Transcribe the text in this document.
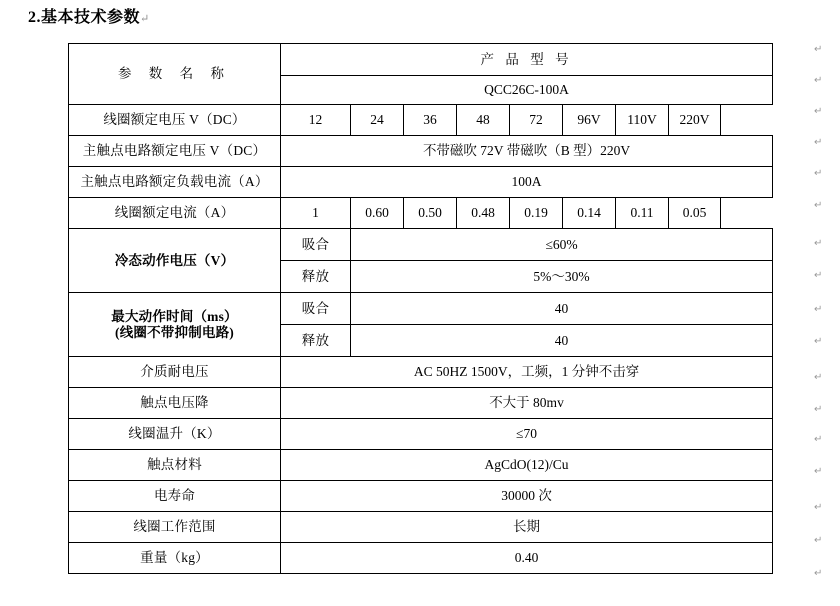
2.基本技术参数↵
参 数 名 称	产 品 型 号							
	QCC26C-100A							
线圈额定电压 V（DC）	12	24	36	48	72	96V	110V	220V
主触点电路额定电压 V（DC）	不带磁吹 72V 带磁吹（B 型）220V							
主触点电路额定负载电流（A）	100A							
线圈额定电流（A）	1	0.60	0.50	0.48	0.19	0.14	0.11	0.05
冷态动作电压（V）	吸合	≤60%						
	释放	5%～30%						

最大动作时间（ms）
(线圈不带抑制电路)	吸合	40						
	释放	40						
介质耐电压	AC 50HZ 1500V，工频，1 分钟不击穿							
触点电压降	不大于 80mv							
线圈温升（K）	≤70							
触点材料	AgCdO(12)/Cu							
电寿命	30000 次							
线圈工作范围	长期							
重量（kg）	0.40							
↵
↵
↵
↵
↵
↵
↵
↵
↵
↵
↵
↵
↵
↵
↵
↵
↵
